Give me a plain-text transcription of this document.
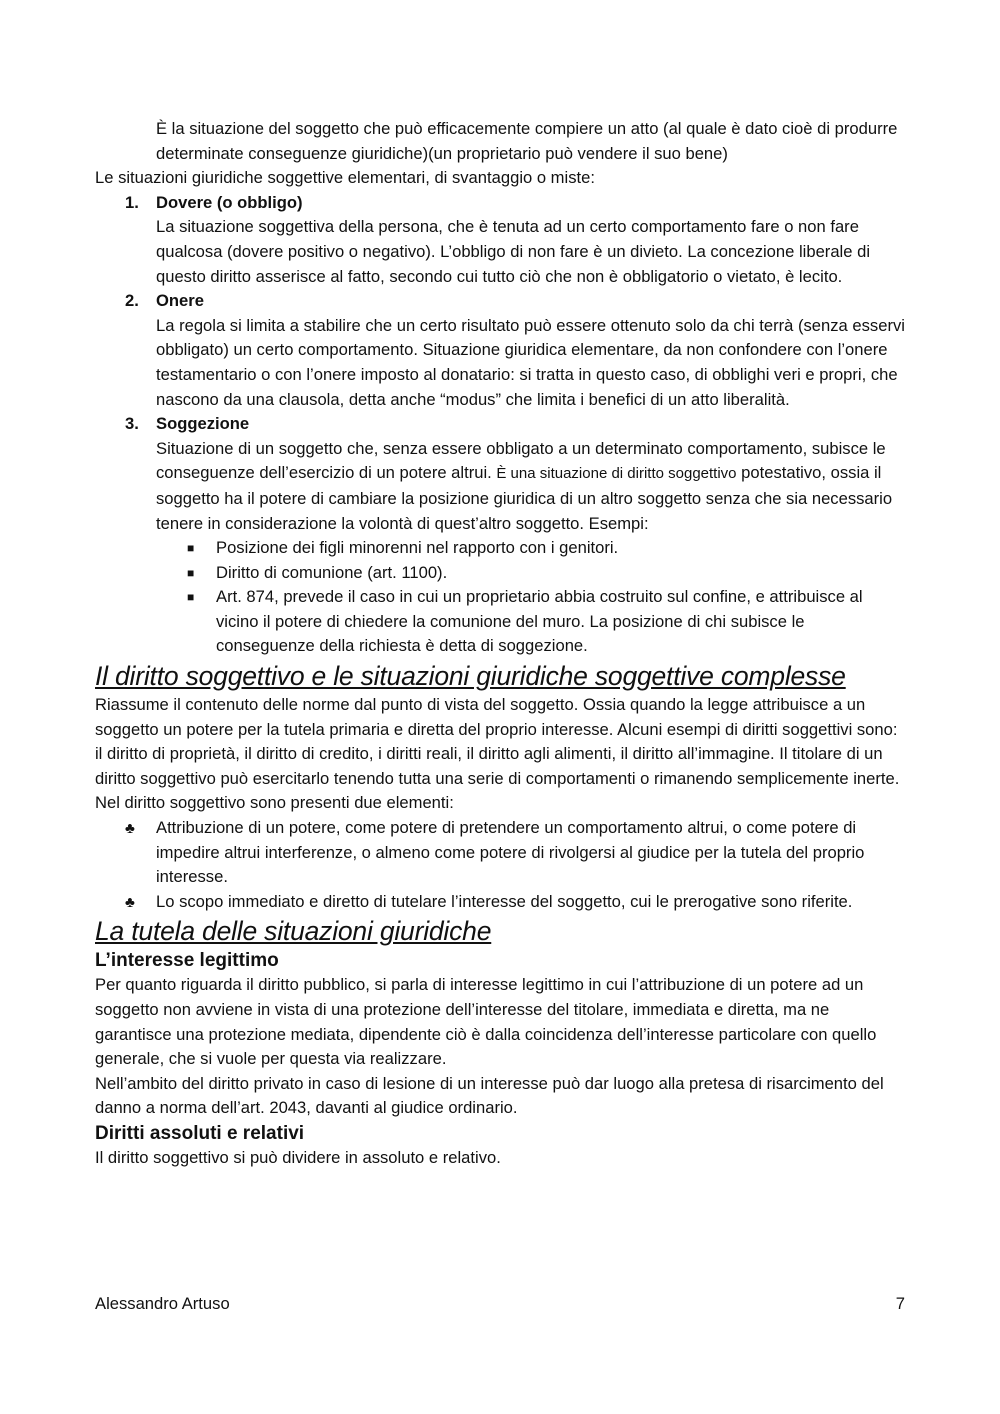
È la situazione del soggetto che può efficacemente compiere un atto (al quale è dato cioè di produrre determinate conseguenze giuridiche)(un proprietario può vendere il suo bene)

Le situazioni giuridiche soggettive elementari, di svantaggio o miste:

1. Dovere (o obbligo)
La situazione soggettiva della persona, che è tenuta ad un certo comportamento fare o non fare qualcosa (dovere positivo o negativo). L’obbligo di non fare è un divieto. La concezione liberale di questo diritto asserisce al fatto, secondo cui tutto ciò che non è obbligatorio o vietato, è lecito.
2. Onere
La regola si limita a stabilire che un certo risultato può essere ottenuto solo da chi terrà (senza esservi obbligato) un certo comportamento. Situazione giuridica elementare, da non confondere con l’onere testamentario o con l’onere imposto al donatario: si tratta in questo caso, di obblighi veri e propri, che nascono da una clausola, detta anche “modus” che limita i benefici di un atto liberalità.
3. Soggezione
Situazione di un soggetto che, senza essere obbligato a un determinato comportamento, subisce le conseguenze dell’esercizio di un potere altrui. È una situazione di diritto soggettivo potestativo, ossia il soggetto ha il potere di cambiare la posizione giuridica di un altro soggetto senza che sia necessario tenere in considerazione la volontà di quest’altro soggetto. Esempi:
■ Posizione dei figli minorenni nel rapporto con i genitori.
■ Diritto di comunione (art. 1100).
■ Art. 874, prevede il caso in cui un proprietario abbia costruito sul confine, e attribuisce al vicino il potere di chiedere la comunione del muro. La posizione di chi subisce le conseguenze della richiesta è detta di soggezione.
Il diritto soggettivo e le situazioni giuridiche soggettive complesse

Riassume il contenuto delle norme dal punto di vista del soggetto. Ossia quando la legge attribuisce a un soggetto un potere per la tutela primaria e diretta del proprio interesse. Alcuni esempi di diritti soggettivi sono: il diritto di proprietà, il diritto di credito, i diritti reali, il diritto agli alimenti, il diritto all’immagine. Il titolare di un diritto soggettivo può esercitarlo tenendo tutta una serie di comportamenti o rimanendo semplicemente inerte. Nel diritto soggettivo sono presenti due elementi:

♣ Attribuzione di un potere, come potere di pretendere un comportamento altrui, o come potere di impedire altrui interferenze, o almeno come potere di rivolgersi al giudice per la tutela del proprio interesse.
♣ Lo scopo immediato e diretto di tutelare l’interesse del soggetto, cui le prerogative sono riferite.
La tutela delle situazioni giuridiche
L’interesse legittimo

Per quanto riguarda il diritto pubblico, si parla di interesse legittimo in cui l’attribuzione di un potere ad un soggetto non avviene in vista di una protezione dell’interesse del titolare, immediata e diretta, ma ne garantisce una protezione mediata, dipendente ciò è dalla coincidenza dell’interesse particolare con quello generale, che si vuole per questa via realizzare.

Nell’ambito del diritto privato in caso di lesione di un interesse può dar luogo alla pretesa di risarcimento del danno a norma dell’art. 2043, davanti al giudice ordinario.

Diritti assoluti e relativi

Il diritto soggettivo si può dividere in assoluto e relativo.

Alessandro Artuso	7
